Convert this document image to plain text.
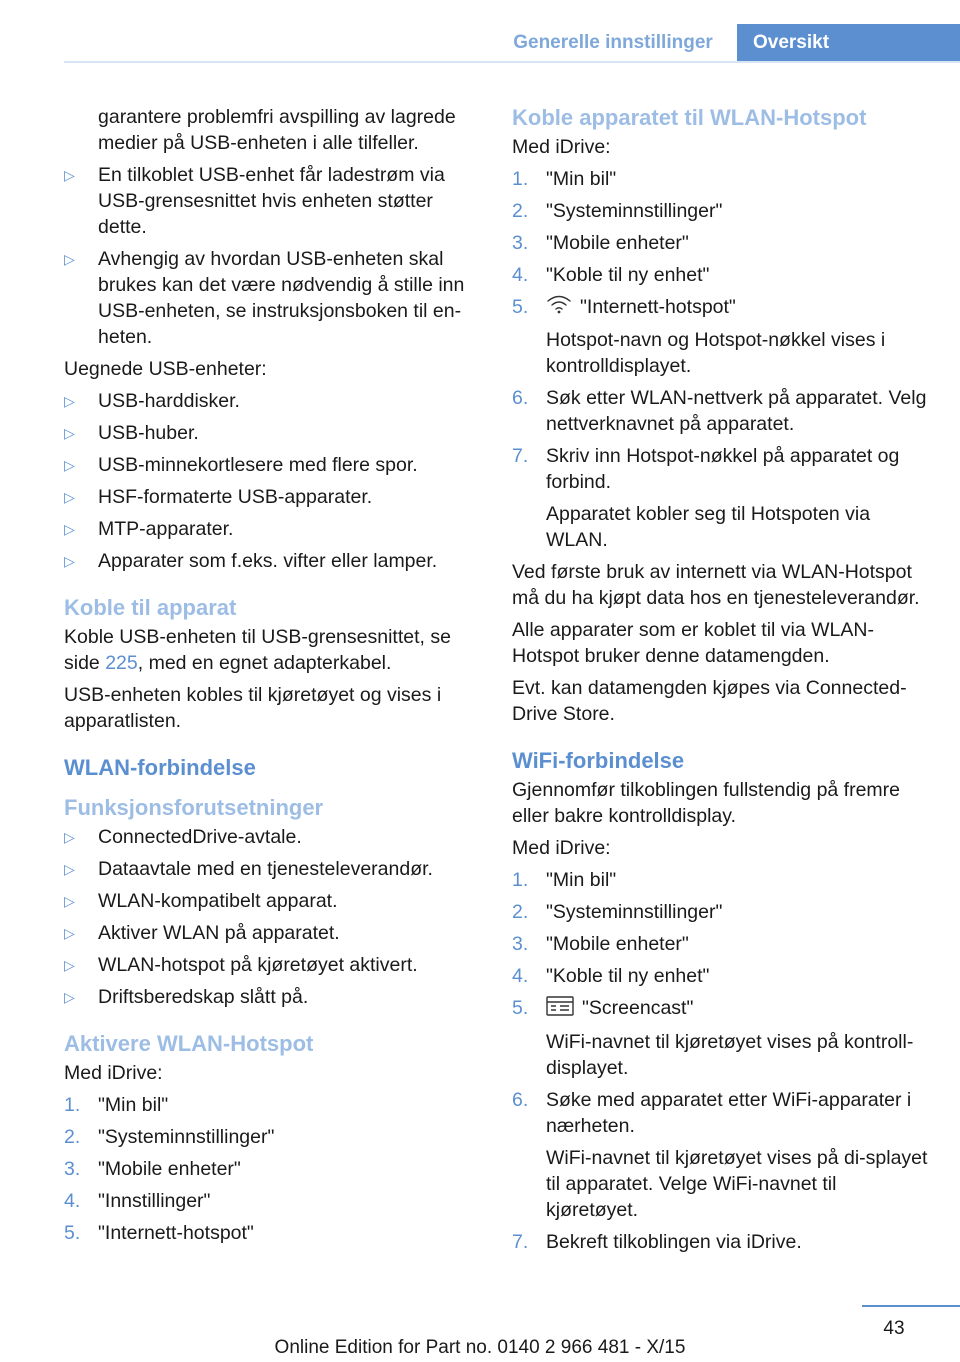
Generelle innstillinger	Oversikt

garantere problemfri avspilling av lagrede medier på USB-enheten i alle tilfeller.

▷ En tilkoblet USB-enhet får ladestrøm via USB-grensesnittet hvis enheten støtter dette.
▷ Avhengig av hvordan USB-enheten skal brukes kan det være nødvendig å stille inn USB-enheten, se instruksjonsboken til en‐heten.

Uegnede USB-enheter:

▷ USB-harddisker.
▷ USB-huber.
▷ USB-minnekortlesere med flere spor.
▷ HSF-formaterte USB-apparater.
▷ MTP-apparater.
▷ Apparater som f.eks. vifter eller lamper.
Koble til apparat

Koble USB-enheten til USB-grensesnittet, se side 225, med en egnet adapterkabel.

USB-enheten kobles til kjøretøyet og vises i apparatlisten.

WLAN-forbindelse
Funksjonsforutsetninger
▷ ConnectedDrive-avtale.
▷ Dataavtale med en tjenesteleverandør.
▷ WLAN-kompatibelt apparat.
▷ Aktiver WLAN på apparatet.
▷ WLAN-hotspot på kjøretøyet aktivert.
▷ Driftsberedskap slått på.
Aktivere WLAN-Hotspot

Med iDrive:

1. "Min bil"
2. "Systeminnstillinger"
3. "Mobile enheter"
4. "Innstillinger"
5. "Internett-hotspot"
Koble apparatet til WLAN-Hotspot

Med iDrive:

1. "Min bil"
2. "Systeminnstillinger"
3. "Mobile enheter"
4. "Koble til ny enhet"
5.	"Internett-hotspot"
Hotspot-navn og Hotspot-nøkkel vises i kontrolldisplayet.
6. Søk etter WLAN-nettverk på apparatet. Velg nettverknavnet på apparatet.
7. Skriv inn Hotspot-nøkkel på apparatet og forbind.
Apparatet kobler seg til Hotspoten via WLAN.

Ved første bruk av internett via WLAN-Hotspot må du ha kjøpt data hos en tjenesteleverandør.

Alle apparater som er koblet til via WLAN-Hotspot bruker denne datamengden.

Evt. kan datamengden kjøpes via Connected‐Drive Store.

WiFi-forbindelse

Gjennomfør tilkoblingen fullstendig på fremre eller bakre kontrolldisplay.

Med iDrive:

1. "Min bil"
2. "Systeminnstillinger"
3. "Mobile enheter"
4. "Koble til ny enhet"
5.	"Screencast"
WiFi-navnet til kjøretøyet vises på kontroll‐displayet.
6. Søke med apparatet etter WiFi-apparater i nærheten.
WiFi-navnet til kjøretøyet vises på di‐splayet til apparatet. Velge WiFi-navnet til kjøretøyet.
7. Bekreft tilkoblingen via iDrive.
43
Online Edition for Part no. 0140 2 966 481 - X/15
